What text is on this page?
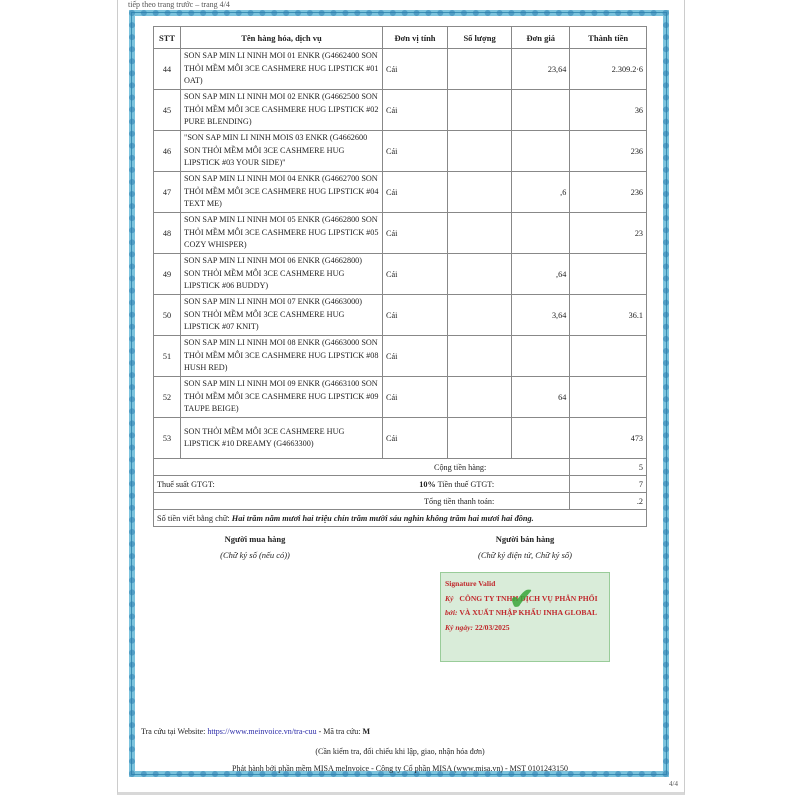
tiếp theo trang trước – trang 4/4
STT	Tên hàng hóa, dịch vụ	Đơn vị tính	Số lượng	Đơn giá	Thành tiền
44	SON SAP MIN LI NINH MOI 01 ENKR (G4662400 SON THỎI MỀM MÔI 3CE CASHMERE HUG LIPSTICK #01 OAT)	Cái		23,64	2.309.2‧6
45	SON SAP MIN LI NINH MOI 02 ENKR (G4662500 SON THỎI MỀM MÔI 3CE CASHMERE HUG LIPSTICK #02 PURE BLENDING)	Cái			36
46	"SON SAP MIN LI NINH MOIS 03 ENKR (G4662600 SON THỎI MỀM MÔI 3CE CASHMERE HUG LIPSTICK #03 YOUR SIDE)"	Cái			236
47	SON SAP MIN LI NINH MOI 04 ENKR (G4662700 SON THỎI MỀM MÔI 3CE CASHMERE HUG LIPSTICK #04 TEXT ME)	Cái		,6	236
48	SON SAP MIN LI NINH MOI 05 ENKR (G4662800 SON THỎI MỀM MÔI 3CE CASHMERE HUG LIPSTICK #05 COZY WHISPER)	Cái			23
49	SON SAP MIN LI NINH MOI 06 ENKR (G4662800) SON THỎI MỀM MÔI 3CE CASHMERE HUG LIPSTICK #06 BUDDY)	Cái		,64	
50	SON SAP MIN LI NINH MOI 07 ENKR (G4663000) SON THỎI MỀM MÔI 3CE CASHMERE HUG LIPSTICK #07 KNIT)	Cái		3,64	36.1
51	SON SAP MIN LI NINH MOI 08 ENKR (G4663000 SON THỎI MỀM MÔI 3CE CASHMERE HUG LIPSTICK #08 HUSH RED)	Cái			
52	SON SAP MIN LI NINH MOI 09 ENKR (G4663100 SON THỎI MỀM MÔI 3CE CASHMERE HUG LIPSTICK #09 TAUPE BEIGE)	Cái		64	
53	SON THỎI MỀM MÔI 3CE CASHMERE HUG LIPSTICK #10 DREAMY (G4663300)	Cái			473
Cộng tiền hàng:					5
Thuế suất GTGT: 10% Tiền thuế GTGT:					7
Tổng tiền thanh toán:					.2
Số tiền viết bằng chữ: Hai trăm năm mươi hai triệu chín trăm mười sáu nghìn không trăm hai mươi hai đồng.					
Người mua hàng
(Chữ ký số (nếu có))
Người bán hàng
(Chữ ký điện tử, Chữ ký số)
✔
Signature Valid
Ký bởi:

CÔNG TY TNHH DỊCH VỤ PHÂN PHỐI VÀ XUẤT NHẬP KHẨU INHA GLOBAL
Ký ngày: 22/03/2025
Tra cứu tại Website: https://www.meinvoice.vn/tra-cuu - Mã tra cứu: M
(Cần kiểm tra, đối chiếu khi lập, giao, nhận hóa đơn)
Phát hành bởi phần mềm MISA meInvoice - Công ty Cổ phần MISA (www.misa.vn) - MST 0101243150
4/4
